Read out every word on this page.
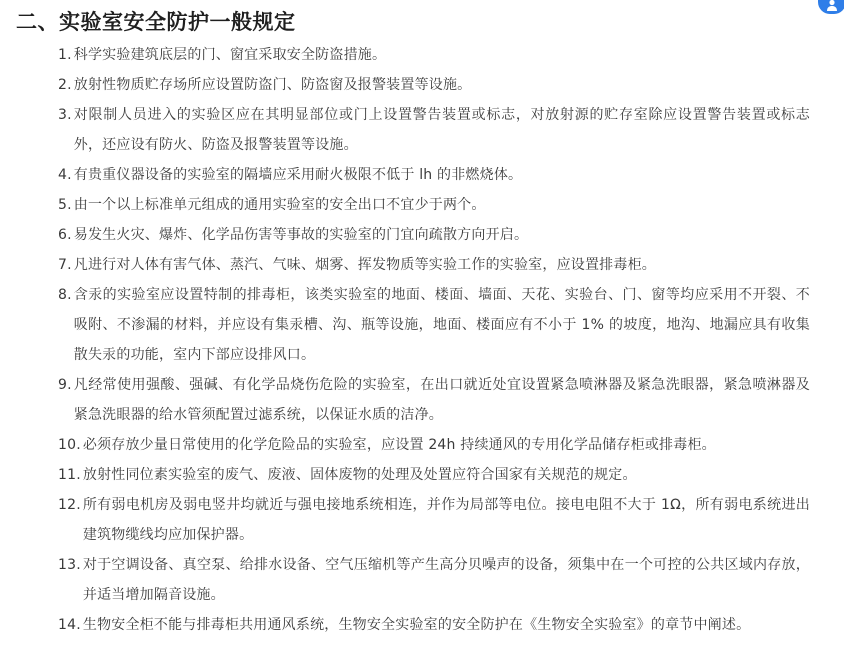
二、实验室安全防护一般规定
1. 科学实验建筑底层的门、窗宜采取安全防盗措施。
2. 放射性物质贮存场所应设置防盗门、防盗窗及报警装置等设施。
3. 对限制人员进入的实验区应在其明显部位或门上设置警告装置或标志，对放射源的贮存室除应设置警告装置或标志外，还应设有防火、防盗及报警装置等设施。
4. 有贵重仪器设备的实验室的隔墙应采用耐火极限不低于 lh 的非燃烧体。
5. 由一个以上标准单元组成的通用实验室的安全出口不宜少于两个。
6. 易发生火灾、爆炸、化学品伤害等事故的实验室的门宜向疏散方向开启。
7. 凡进行对人体有害气体、蒸汽、气味、烟雾、挥发物质等实验工作的实验室，应设置排毒柜。
8. 含汞的实验室应设置特制的排毒柜，该类实验室的地面、楼面、墙面、天花、实验台、门、窗等均应采用不开裂、不吸附、不渗漏的材料，并应设有集汞槽、沟、瓶等设施，地面、楼面应有不小于 1% 的坡度，地沟、地漏应具有收集散失汞的功能，室内下部应设排风口。
9. 凡经常使用强酸、强碱、有化学品烧伤危险的实验室，在出口就近处宜设置紧急喷淋器及紧急洗眼器，紧急喷淋器及紧急洗眼器的给水管须配置过滤系统，以保证水质的洁净。
10. 必须存放少量日常使用的化学危险品的实验室，应设置 24h 持续通风的专用化学品储存柜或排毒柜。
11. 放射性同位素实验室的废气、废液、固体废物的处理及处置应符合国家有关规范的规定。
12. 所有弱电机房及弱电竖井均就近与强电接地系统相连，并作为局部等电位。接电电阻不大于 1Ω，所有弱电系统进出建筑物缆线均应加保护器。
13. 对于空调设备、真空泵、给排水设备、空气压缩机等产生高分贝噪声的设备，须集中在一个可控的公共区域内存放，并适当增加隔音设施。
14. 生物安全柜不能与排毒柜共用通风系统，生物安全实验室的安全防护在《生物安全实验室》的章节中阐述。
